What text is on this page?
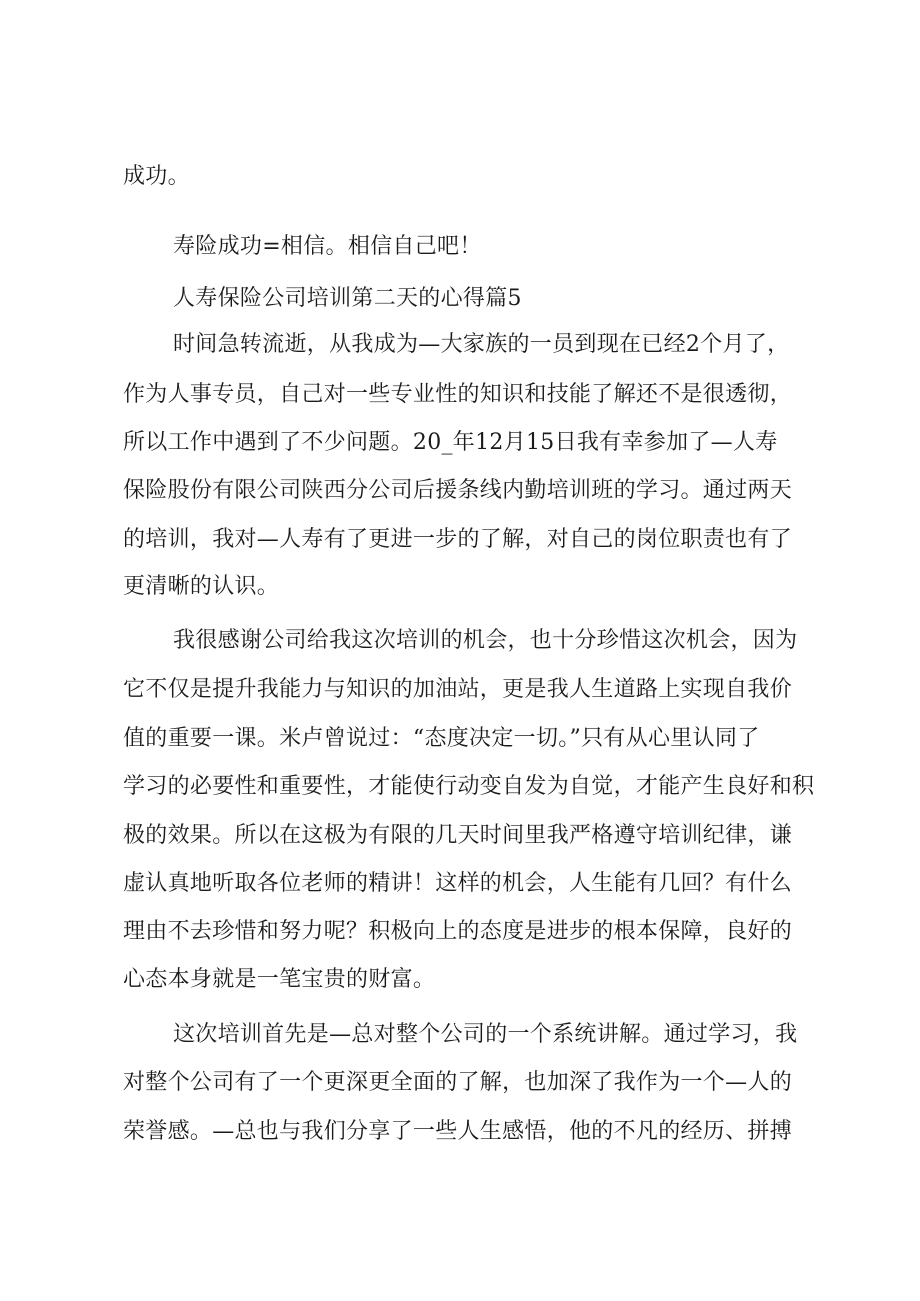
成功。
寿险成功=相信。相信自己吧！
人寿保险公司培训第二天的心得篇5
时间急转流逝，从我成为—大家族的一员到现在已经2个月了，
作为人事专员，自己对一些专业性的知识和技能了解还不是很透彻，
所以工作中遇到了不少问题。20_年12月15日我有幸参加了—人寿
保险股份有限公司陕西分公司后援条线内勤培训班的学习。通过两天
的培训，我对—人寿有了更进一步的了解，对自己的岗位职责也有了
更清晰的认识。
我很感谢公司给我这次培训的机会，也十分珍惜这次机会，因为
它不仅是提升我能力与知识的加油站，更是我人生道路上实现自我价
值的重要一课。米卢曾说过：“态度决定一切。”只有从心里认同了
学习的必要性和重要性，才能使行动变自发为自觉，才能产生良好和积
极的效果。所以在这极为有限的几天时间里我严格遵守培训纪律，谦
虚认真地听取各位老师的精讲！这样的机会，人生能有几回？有什么
理由不去珍惜和努力呢？积极向上的态度是进步的根本保障，良好的
心态本身就是一笔宝贵的财富。
这次培训首先是—总对整个公司的一个系统讲解。通过学习，我
对整个公司有了一个更深更全面的了解，也加深了我作为一个—人的
荣誉感。—总也与我们分享了一些人生感悟，他的不凡的经历、拼搏
